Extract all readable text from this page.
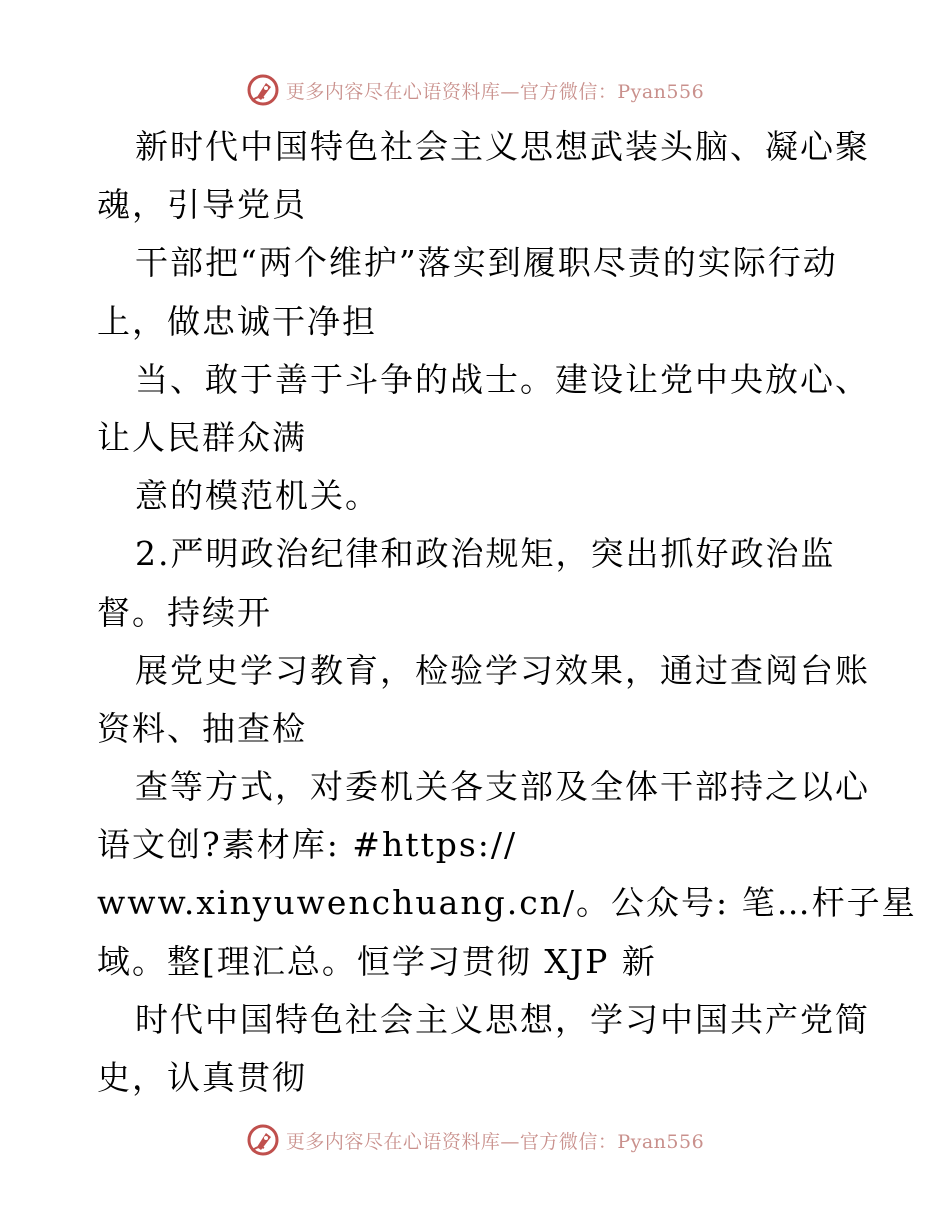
更多内容尽在心语资料库—官方微信：Pyan556
新时代中国特色社会主义思想武装头脑、凝心聚
魂，引导党员
干部把“两个维护”落实到履职尽责的实际行动
上，做忠诚干净担
当、敢于善于斗争的战士。建设让党中央放心、
让人民群众满
意的模范机关。
2.严明政治纪律和政治规矩，突出抓好政治监
督。持续开
展党史学习教育，检验学习效果，通过查阅台账
资料、抽查检
查等方式，对委机关各支部及全体干部持之以心
语文创?素材库: #https://
www.xinyuwenchuang.cn/。公众号: 笔…杆子星
域。整[理汇总。恒学习贯彻 XJP 新
时代中国特色社会主义思想，学习中国共产党简
史，认真贯彻
更多内容尽在心语资料库—官方微信：Pyan556
